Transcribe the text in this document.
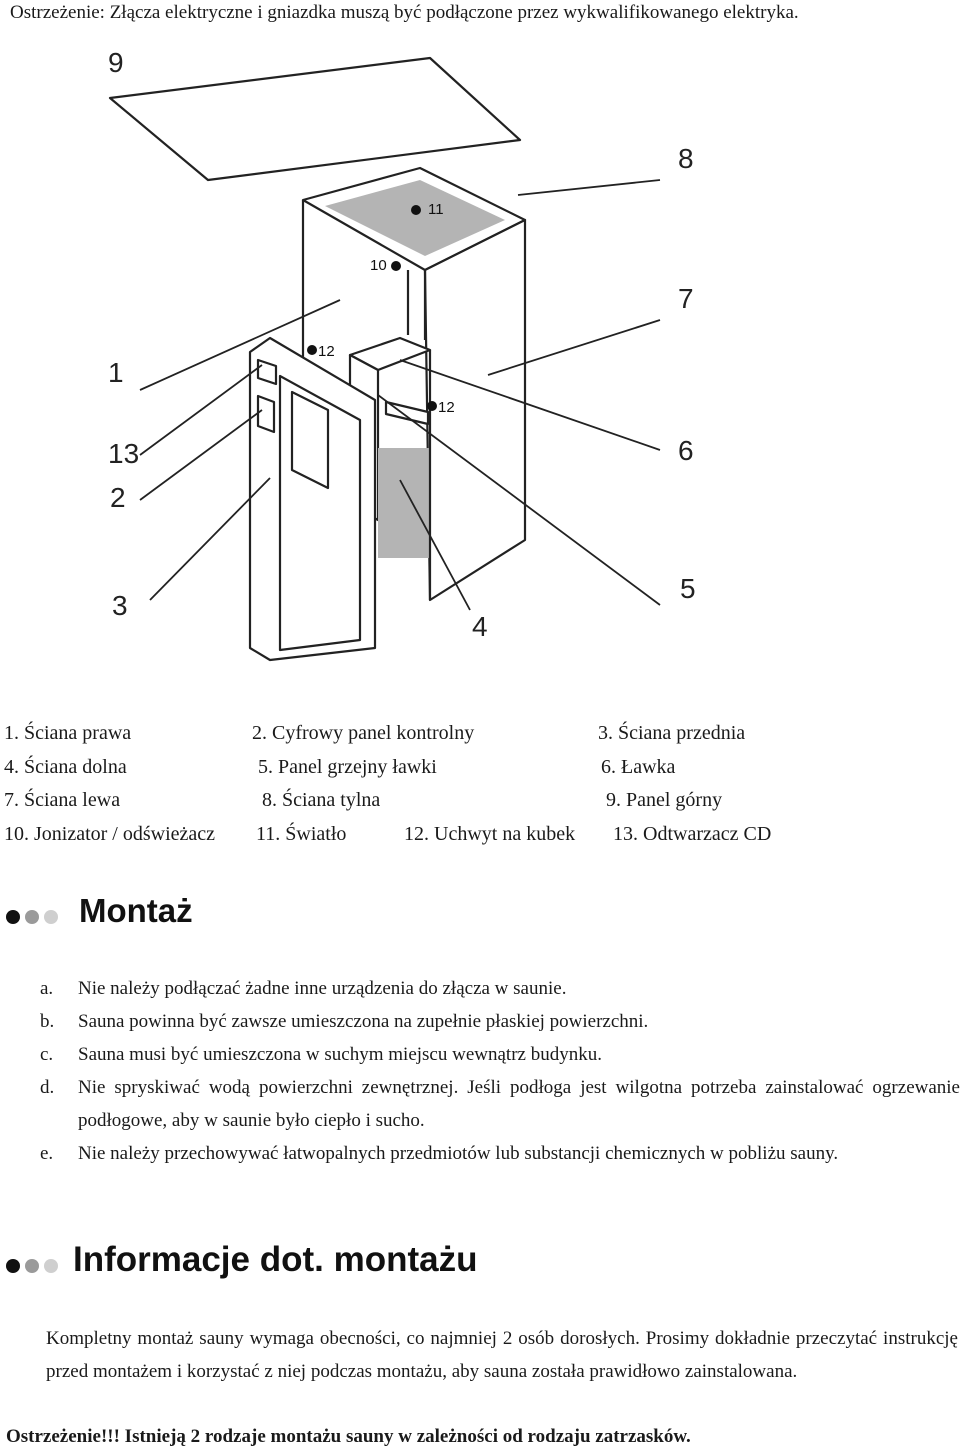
Ostrzeżenie: Złącza elektryczne i gniazdka muszą być podłączone przez wykwalifikowanego elektryka.
11
10
12
12
9
8
7
1
13
2
6
3
4
5
1. Ściana prawa	2. Cyfrowy panel kontrolny	3. Ściana przednia
4. Ściana dolna	5. Panel grzejny ławki	6. Ławka
7. Ściana lewa	8. Ściana tylna	9. Panel górny
10. Jonizator / odświeżacz 11. Światło	12. Uchwyt na kubek 13. Odtwarzacz CD
Montaż
a.	Nie należy podłączać żadne inne urządzenia do złącza w saunie.
b.	Sauna powinna być zawsze umieszczona na zupełnie płaskiej powierzchni.
c.	Sauna musi być umieszczona w suchym miejscu wewnątrz budynku.
d.	Nie spryskiwać wodą powierzchni zewnętrznej. Jeśli podłoga jest wilgotna potrzeba zainstalować ogrzewanie podłogowe, aby w saunie było ciepło i sucho.
e.	Nie należy przechowywać łatwopalnych przedmiotów lub substancji chemicznych w pobliżu sauny.
Informacje dot. montażu
Kompletny montaż sauny wymaga obecności, co najmniej 2 osób dorosłych. Prosimy dokładnie przeczytać instrukcję przed montażem i korzystać z niej podczas montażu, aby sauna została prawidłowo zainstalowana.
Ostrzeżenie!!! Istnieją 2 rodzaje montażu sauny w zależności od rodzaju zatrzasków.
